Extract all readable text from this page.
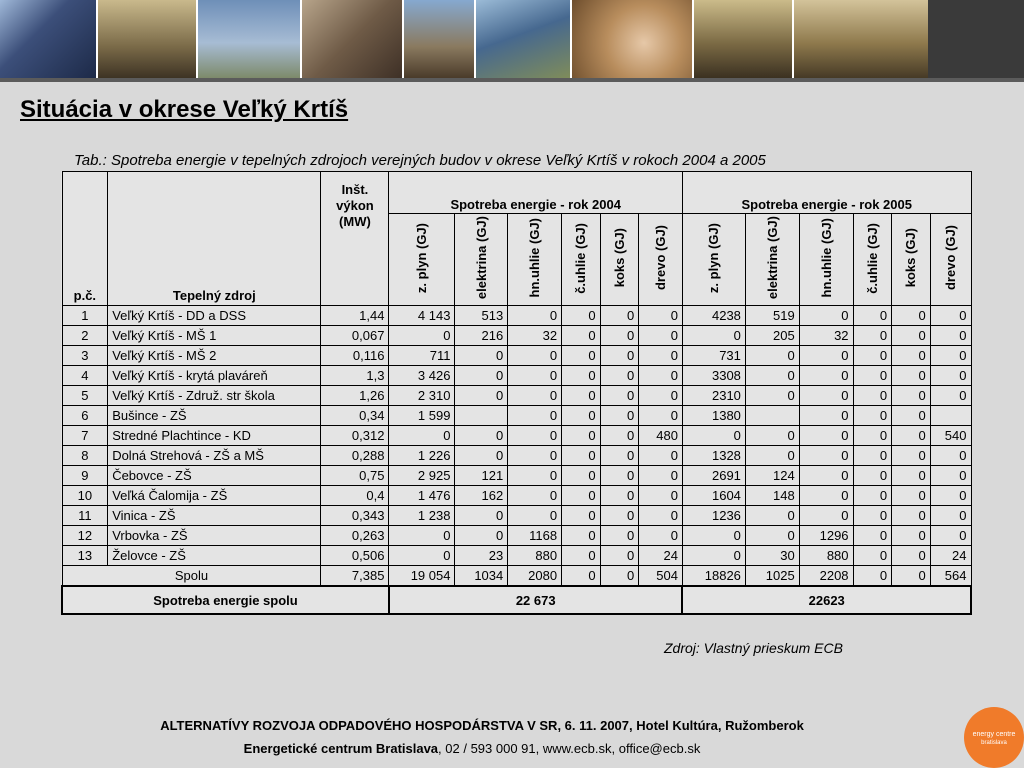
Situácia v okrese Veľký Krtíš
Tab.: Spotreba energie v tepelných zdrojoch verejných budov v okrese Veľký Krtíš v rokoch 2004 a 2005
p.č.	Tepelný zdroj	Inšt.
výkon
(MW)	Spotreba energie - rok 2004						Spotreba energie - rok 2005					
			z. plyn (GJ)	elektrina (GJ)	hn.uhlie (GJ)	č.uhlie (GJ)	koks (GJ)	drevo (GJ)	z. plyn (GJ)	elektrina (GJ)	hn.uhlie (GJ)	č.uhlie (GJ)	koks (GJ)	drevo (GJ)
1	Veľký Krtíš - DD a DSS	1,44	4 143	513	0	0	0	0	4238	519	0	0	0	0
2	Veľký Krtíš - MŠ 1	0,067	0	216	32	0	0	0	0	205	32	0	0	0
3	Veľký Krtíš - MŠ 2	0,116	711	0	0	0	0	0	731	0	0	0	0	0
4	Veľký Krtíš - krytá plaváreň	1,3	3 426	0	0	0	0	0	3308	0	0	0	0	0
5	Veľký Krtíš - Združ. str škola	1,26	2 310	0	0	0	0	0	2310	0	0	0	0	0
6	Bušince - ZŠ	0,34	1 599		0	0	0	0	1380		0	0	0	
7	Stredné Plachtince - KD	0,312	0	0	0	0	0	480	0	0	0	0	0	540
8	Dolná Strehová - ZŠ a MŠ	0,288	1 226	0	0	0	0	0	1328	0	0	0	0	0
9	Čebovce - ZŠ	0,75	2 925	121	0	0	0	0	2691	124	0	0	0	0
10	Veľká Čalomija - ZŠ	0,4	1 476	162	0	0	0	0	1604	148	0	0	0	0
11	Vinica - ZŠ	0,343	1 238	0	0	0	0	0	1236	0	0	0	0	0
12	Vrbovka - ZŠ	0,263	0	0	1168	0	0	0	0	0	1296	0	0	0
13	Želovce - ZŠ	0,506	0	23	880	0	0	24	0	30	880	0	0	24
Spolu		7,385	19 054	1034	2080	0	0	504	18826	1025	2208	0	0	564
Spotreba energie spolu			22 673						22623					
Zdroj: Vlastný prieskum ECB
ALTERNATÍVY ROZVOJA ODPADOVÉHO HOSPODÁRSTVA V SR, 6. 11. 2007, Hotel Kultúra, Ružomberok
Energetické centrum Bratislava, 02 / 593 000 91, www.ecb.sk, office@ecb.sk
energy centre
bratislava
